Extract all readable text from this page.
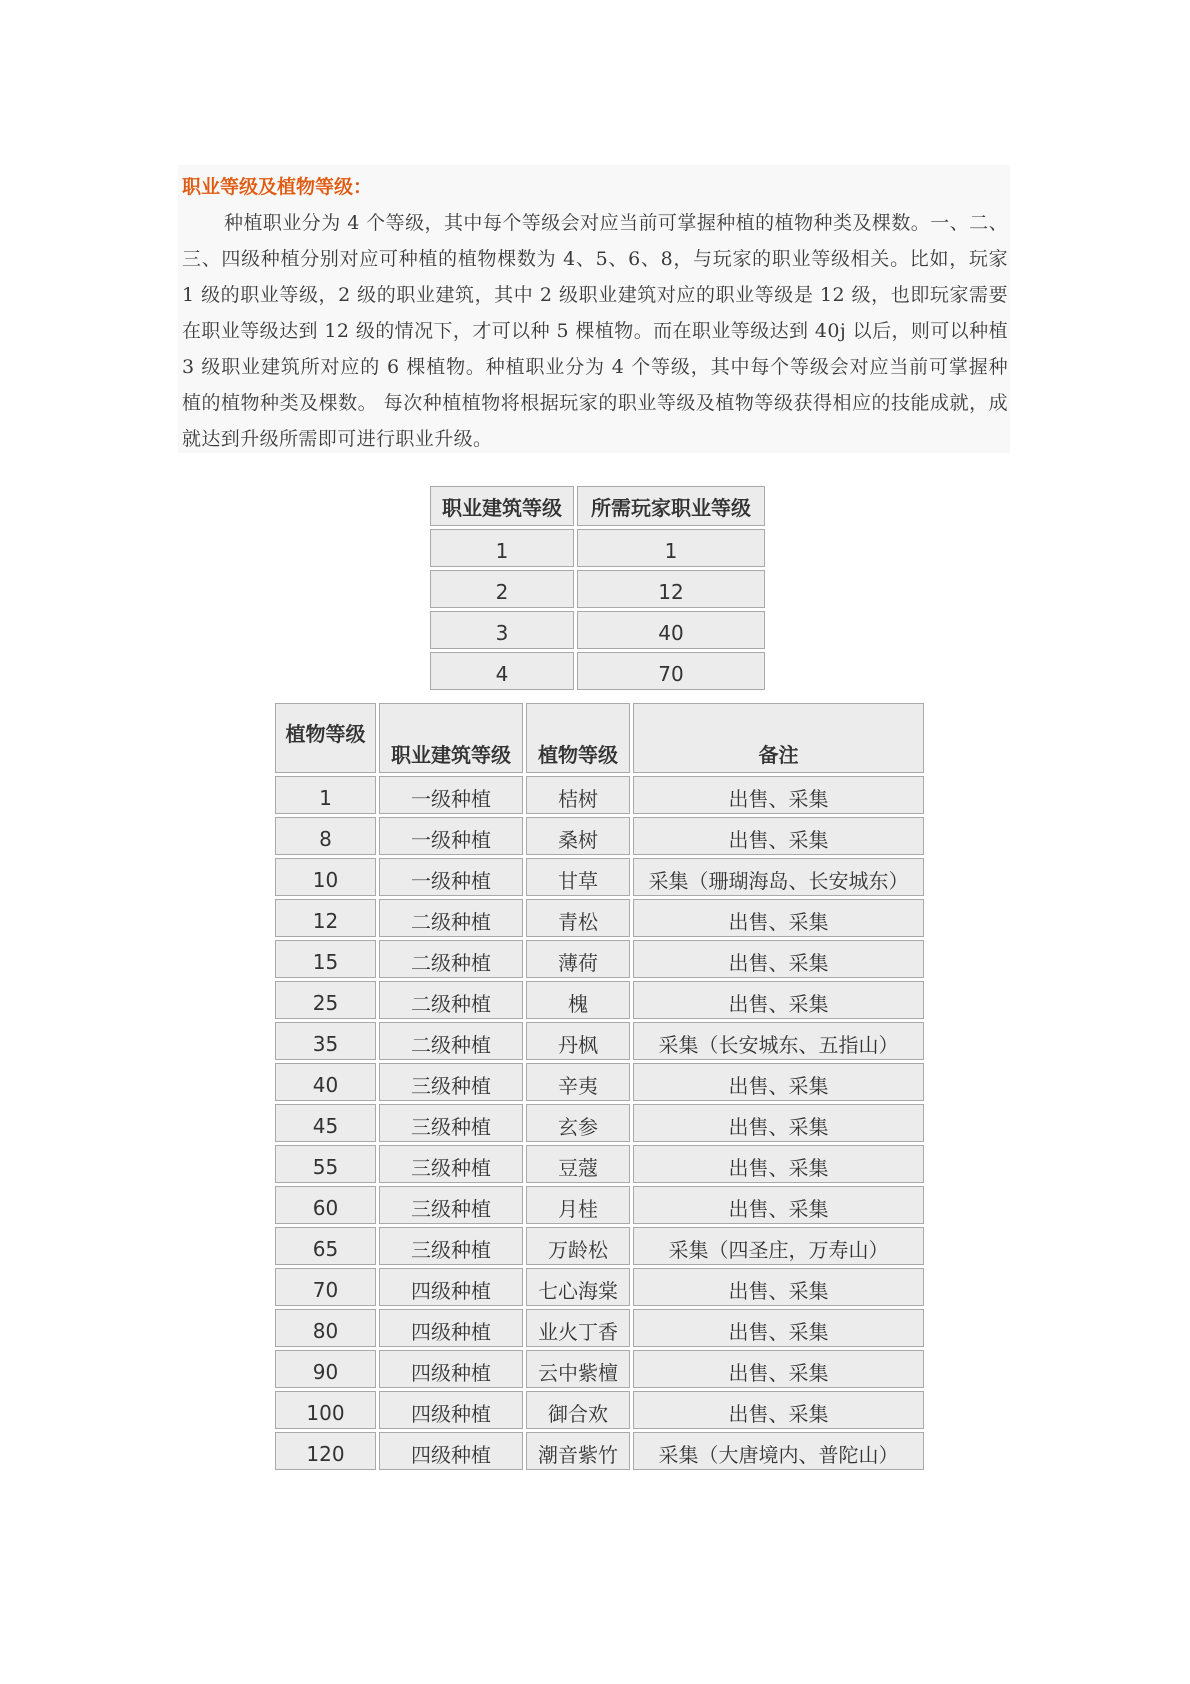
职业等级及植物等级：

种植职业分为 4 个等级，其中每个等级会对应当前可掌握种植的植物种类及棵数。一、二、三、四级种植分别对应可种植的植物棵数为 4、5、6、8，与玩家的职业等级相关。比如，玩家 1 级的职业等级，2 级的职业建筑，其中 2 级职业建筑对应的职业等级是 12 级，也即玩家需要在职业等级达到 12 级的情况下，才可以种 5 棵植物。而在职业等级达到 40j 以后，则可以种植 3 级职业建筑所对应的 6 棵植物。种植职业分为 4 个等级，其中每个等级会对应当前可掌握种植的植物种类及棵数。 每次种植植物将根据玩家的职业等级及植物等级获得相应的技能成就，成就达到升级所需即可进行职业升级。

职业建筑等级	所需玩家职业等级
1	1
2	12
3	40
4	70
植物等级	职业建筑等级	植物等级	备注
1	一级种植	桔树	出售、采集
8	一级种植	桑树	出售、采集
10	一级种植	甘草	采集（珊瑚海岛、长安城东）
12	二级种植	青松	出售、采集
15	二级种植	薄荷	出售、采集
25	二级种植	槐	出售、采集
35	二级种植	丹枫	采集（长安城东、五指山）
40	三级种植	辛夷	出售、采集
45	三级种植	玄参	出售、采集
55	三级种植	豆蔻	出售、采集
60	三级种植	月桂	出售、采集
65	三级种植	万龄松	采集（四圣庄，万寿山）
70	四级种植	七心海棠	出售、采集
80	四级种植	业火丁香	出售、采集
90	四级种植	云中紫檀	出售、采集
100	四级种植	御合欢	出售、采集
120	四级种植	潮音紫竹	采集（大唐境内、普陀山）
